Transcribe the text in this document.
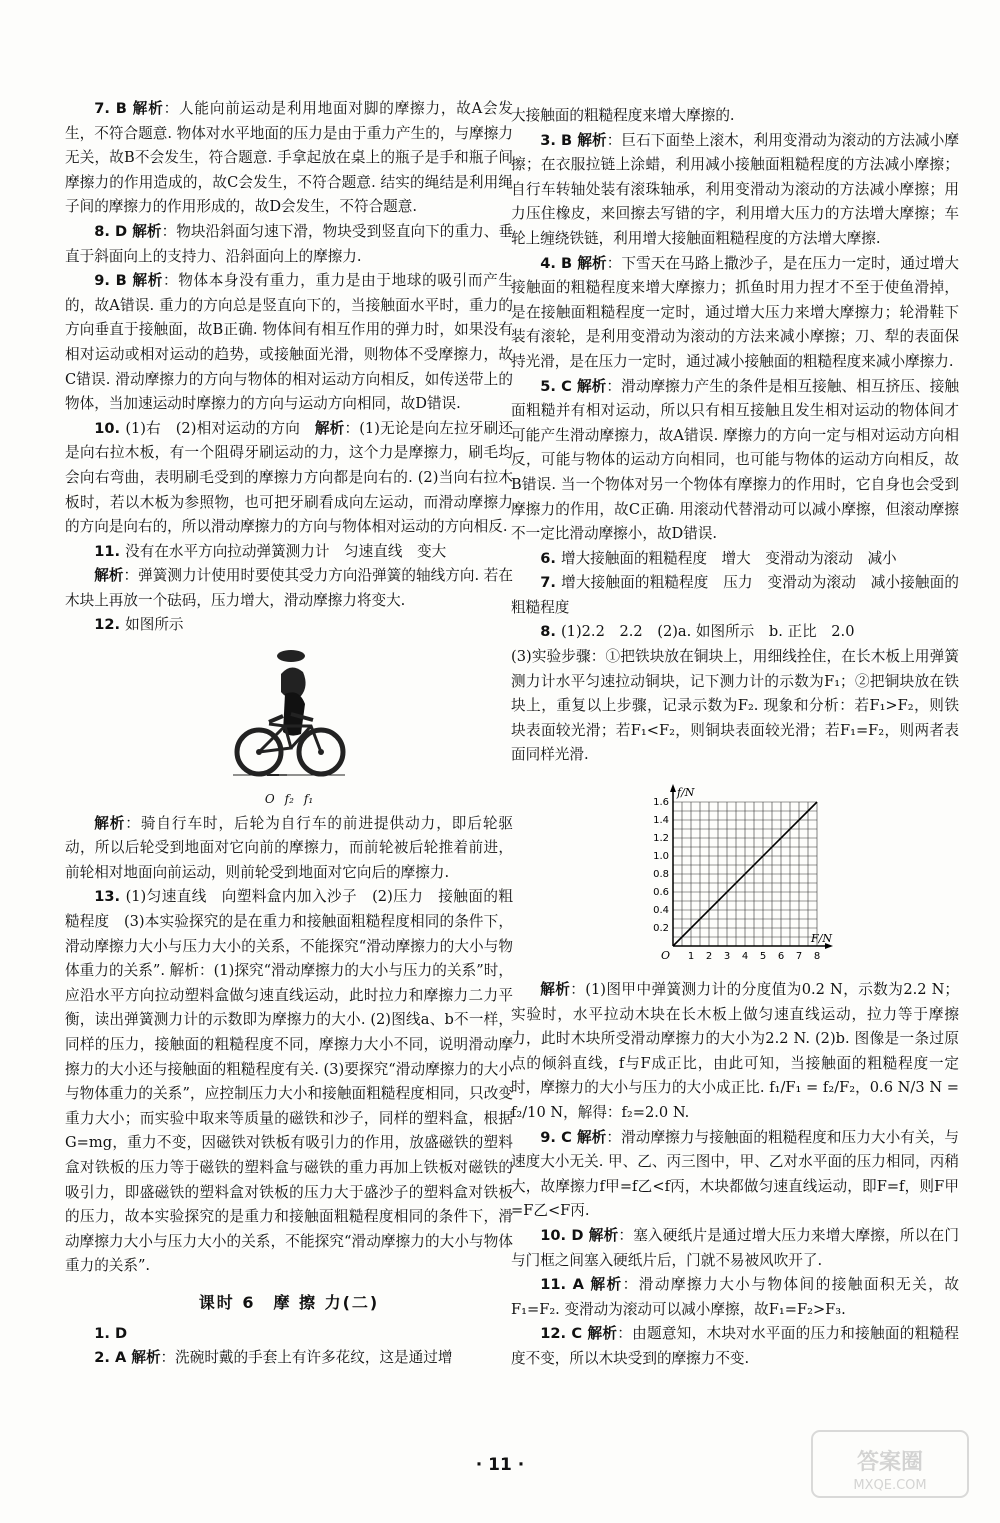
7. B 解析：人能向前运动是利用地面对脚的摩擦力，故A会发生，不符合题意. 物体对水平地面的压力是由于重力产生的，与摩擦力无关，故B不会发生，符合题意. 手拿起放在桌上的瓶子是手和瓶子间摩擦力的作用造成的，故C会发生，不符合题意. 结实的绳结是利用绳子间的摩擦力的作用形成的，故D会发生，不符合题意.

8. D 解析：物块沿斜面匀速下滑，物块受到竖直向下的重力、垂直于斜面向上的支持力、沿斜面向上的摩擦力.

9. B 解析：物体本身没有重力，重力是由于地球的吸引而产生的，故A错误. 重力的方向总是竖直向下的，当接触面水平时，重力的方向垂直于接触面，故B正确. 物体间有相互作用的弹力时，如果没有相对运动或相对运动的趋势，或接触面光滑，则物体不受摩擦力，故C错误. 滑动摩擦力的方向与物体的相对运动方向相反，如传送带上的物体，当加速运动时摩擦力的方向与运动方向相同，故D错误.

10. (1)右　(2)相对运动的方向　解析：(1)无论是向左拉牙刷还是向右拉木板，有一个阻碍牙刷运动的力，这个力是摩擦力，刷毛均会向右弯曲，表明刷毛受到的摩擦力方向都是向右的. (2)当向右拉木板时，若以木板为参照物，也可把牙刷看成向左运动，而滑动摩擦力的方向是向右的，所以滑动摩擦力的方向与物体相对运动的方向相反.

11. 没有在水平方向拉动弹簧测力计　匀速直线　变大

解析：弹簧测力计使用时要使其受力方向沿弹簧的轴线方向. 若在木块上再放一个砝码，压力增大，滑动摩擦力将变大.

12. 如图所示

O f₂ f₁

解析：骑自行车时，后轮为自行车的前进提供动力，即后轮驱动，所以后轮受到地面对它向前的摩擦力，而前轮被后轮推着前进，前轮相对地面向前运动，则前轮受到地面对它向后的摩擦力.

13. (1)匀速直线　向塑料盒内加入沙子　(2)压力　接触面的粗糙程度　(3)本实验探究的是在重力和接触面粗糙程度相同的条件下，滑动摩擦力大小与压力大小的关系，不能探究“滑动摩擦力的大小与物体重力的关系”. 解析：(1)探究“滑动摩擦力的大小与压力的关系”时，应沿水平方向拉动塑料盒做匀速直线运动，此时拉力和摩擦力二力平衡，读出弹簧测力计的示数即为摩擦力的大小. (2)图线a、b不一样，同样的压力，接触面的粗糙程度不同，摩擦力大小不同，说明滑动摩擦力的大小还与接触面的粗糙程度有关. (3)要探究“滑动摩擦力的大小与物体重力的关系”，应控制压力大小和接触面粗糙程度相同，只改变重力大小；而实验中取来等质量的磁铁和沙子，同样的塑料盒，根据G=mg，重力不变，因磁铁对铁板有吸引力的作用，放盛磁铁的塑料盒对铁板的压力等于磁铁的塑料盒与磁铁的重力再加上铁板对磁铁的吸引力，即盛磁铁的塑料盒对铁板的压力大于盛沙子的塑料盒对铁板的压力，故本实验探究的是重力和接触面粗糙程度相同的条件下，滑动摩擦力大小与压力大小的关系，不能探究“滑动摩擦力的大小与物体重力的关系”.

课时 6　摩 擦 力(二)

1. D

2. A 解析：洗碗时戴的手套上有许多花纹，这是通过增

大接触面的粗糙程度来增大摩擦的.

3. B 解析：巨石下面垫上滚木，利用变滑动为滚动的方法减小摩擦；在衣服拉链上涂蜡，利用减小接触面粗糙程度的方法减小摩擦；自行车转轴处装有滚珠轴承，利用变滑动为滚动的方法减小摩擦；用力压住橡皮，来回擦去写错的字，利用增大压力的方法增大摩擦；车轮上缠绕铁链，利用增大接触面粗糙程度的方法增大摩擦.

4. B 解析：下雪天在马路上撒沙子，是在压力一定时，通过增大接触面的粗糙程度来增大摩擦力；抓鱼时用力捏才不至于使鱼滑掉，是在接触面粗糙程度一定时，通过增大压力来增大摩擦力；轮滑鞋下装有滚轮，是利用变滑动为滚动的方法来减小摩擦；刀、犁的表面保持光滑，是在压力一定时，通过减小接触面的粗糙程度来减小摩擦力.

5. C 解析：滑动摩擦力产生的条件是相互接触、相互挤压、接触面粗糙并有相对运动，所以只有相互接触且发生相对运动的物体间才可能产生滑动摩擦力，故A错误. 摩擦力的方向一定与相对运动方向相反，可能与物体的运动方向相同，也可能与物体的运动方向相反，故B错误. 当一个物体对另一个物体有摩擦力的作用时，它自身也会受到摩擦力的作用，故C正确. 用滚动代替滑动可以减小摩擦，但滚动摩擦不一定比滑动摩擦小，故D错误.

6. 增大接触面的粗糙程度　增大　变滑动为滚动　减小

7. 增大接触面的粗糙程度　压力　变滑动为滚动　减小接触面的粗糙程度

8. (1)2.2　2.2　(2)a. 如图所示　b. 正比　2.0

(3)实验步骤：①把铁块放在铜块上，用细线拴住，在长木板上用弹簧测力计水平匀速拉动铜块，记下测力计的示数为F₁；②把铜块放在铁块上，重复以上步骤，记录示数为F₂. 现象和分析：若F₁>F₂，则铁块表面较光滑；若F₁<F₂，则铜块表面较光滑；若F₁=F₂，则两者表面同样光滑.

1 2 3 4 5 6 7 8
0.2
0.4
0.6
0.8
1.0
1.2
1.4
1.6
O
F/N
f/N

解析：(1)图甲中弹簧测力计的分度值为0.2 N，示数为2.2 N；实验时，水平拉动木块在长木板上做匀速直线运动，拉力等于摩擦力，此时木块所受滑动摩擦力的大小为2.2 N. (2)b. 图像是一条过原点的倾斜直线，f与F成正比，由此可知，当接触面的粗糙程度一定时，摩擦力的大小与压力的大小成正比. f₁/F₁ = f₂/F₂，0.6 N/3 N = f₂/10 N，解得：f₂=2.0 N.

9. C 解析：滑动摩擦力与接触面的粗糙程度和压力大小有关，与速度大小无关. 甲、乙、丙三图中，甲、乙对水平面的压力相同，丙稍大，故摩擦力f甲=f乙<f丙，木块都做匀速直线运动，即F=f，则F甲=F乙<F丙.

10. D 解析：塞入硬纸片是通过增大压力来增大摩擦，所以在门与门框之间塞入硬纸片后，门就不易被风吹开了.

11. A 解析：滑动摩擦力大小与物体间的接触面积无关，故F₁=F₂. 变滑动为滚动可以减小摩擦，故F₁=F₂>F₃.

12. C 解析：由题意知，木块对水平面的压力和接触面的粗糙程度不变，所以木块受到的摩擦力不变.

· 11 ·	答案圈
MXQE.COM
